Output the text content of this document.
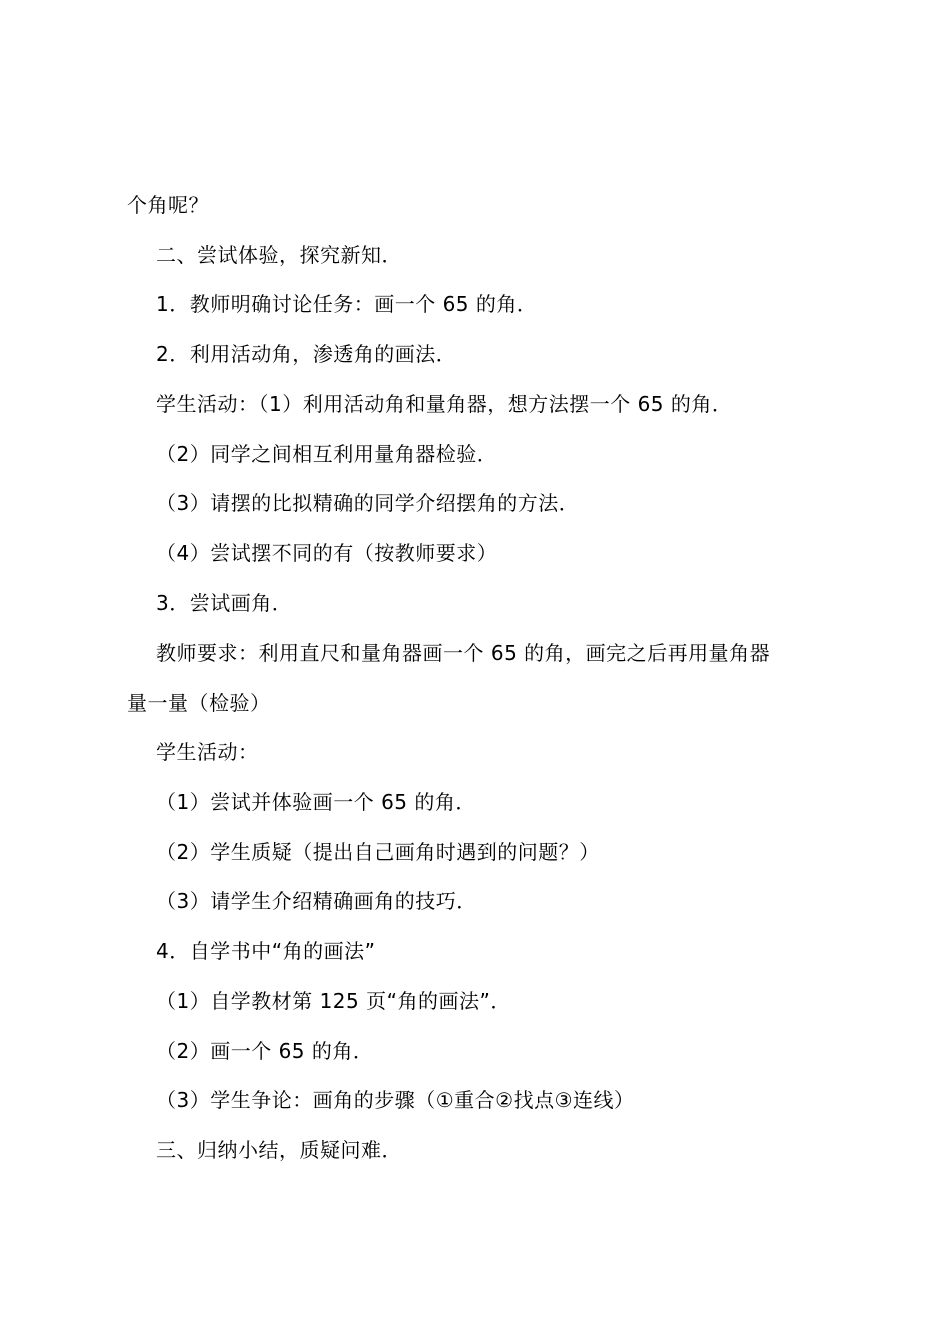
个角呢？

二、尝试体验，探究新知．

1．教师明确讨论任务：画一个 65 的角．

2．利用活动角，渗透角的画法．

学生活动：（1）利用活动角和量角器，想方法摆一个 65 的角．

（2）同学之间相互利用量角器检验．

（3）请摆的比拟精确的同学介绍摆角的方法．

（4）尝试摆不同的有（按教师要求）

3．尝试画角．

教师要求：利用直尺和量角器画一个 65 的角，画完之后再用量角器

量一量（检验）

学生活动：

（1）尝试并体验画一个 65 的角．

（2）学生质疑（提出自己画角时遇到的问题？）

（3）请学生介绍精确画角的技巧．

4．自学书中“角的画法”

（1）自学教材第 125 页“角的画法”．

（2）画一个 65 的角．

（3）学生争论：画角的步骤（①重合②找点③连线）

三、归纳小结，质疑问难．
